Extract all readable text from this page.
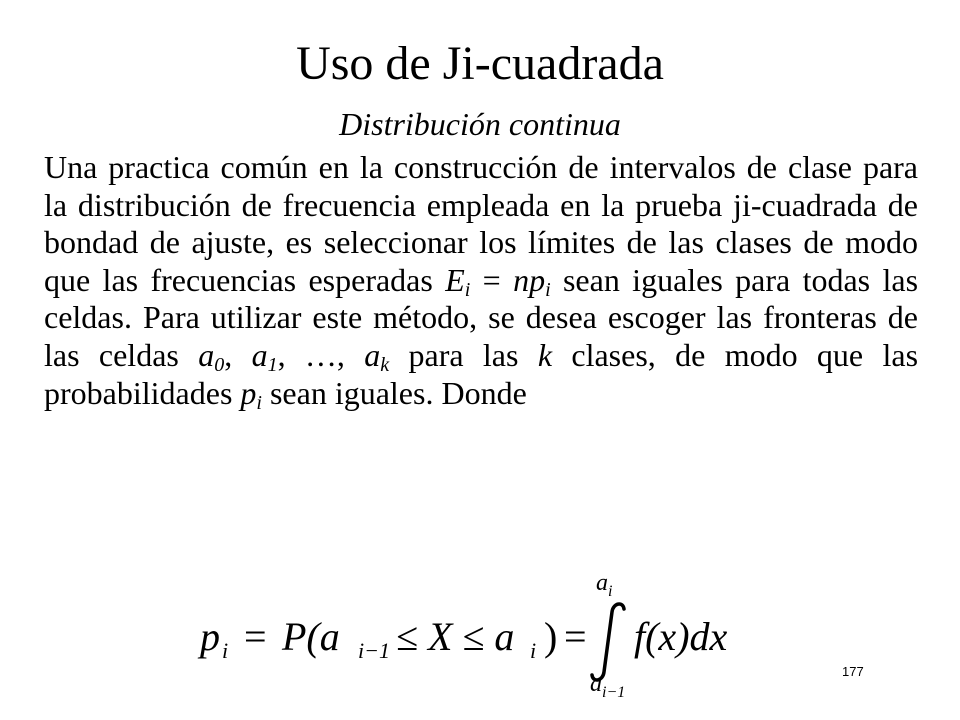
Uso de Ji-cuadrada

Distribución continua

Una practica común en la construcción de intervalos de clase para la distribución de frecuencia empleada en la prueba ji-cuadrada de bondad de ajuste, es seleccionar los límites de las clases de modo que las frecuencias esperadas $E_i = np_i$ sean iguales para todas las celdas. Para utilizar este método, se desea escoger las fronteras de las celdas $a_0$, $a_1$, …, $a_k$ para las k clases, de modo que las probabilidades $p_i$ sean iguales. Donde

p i = P(a i−1 ≤ X ≤ a i ) =
a i
a i−1
f(x)dx

177
